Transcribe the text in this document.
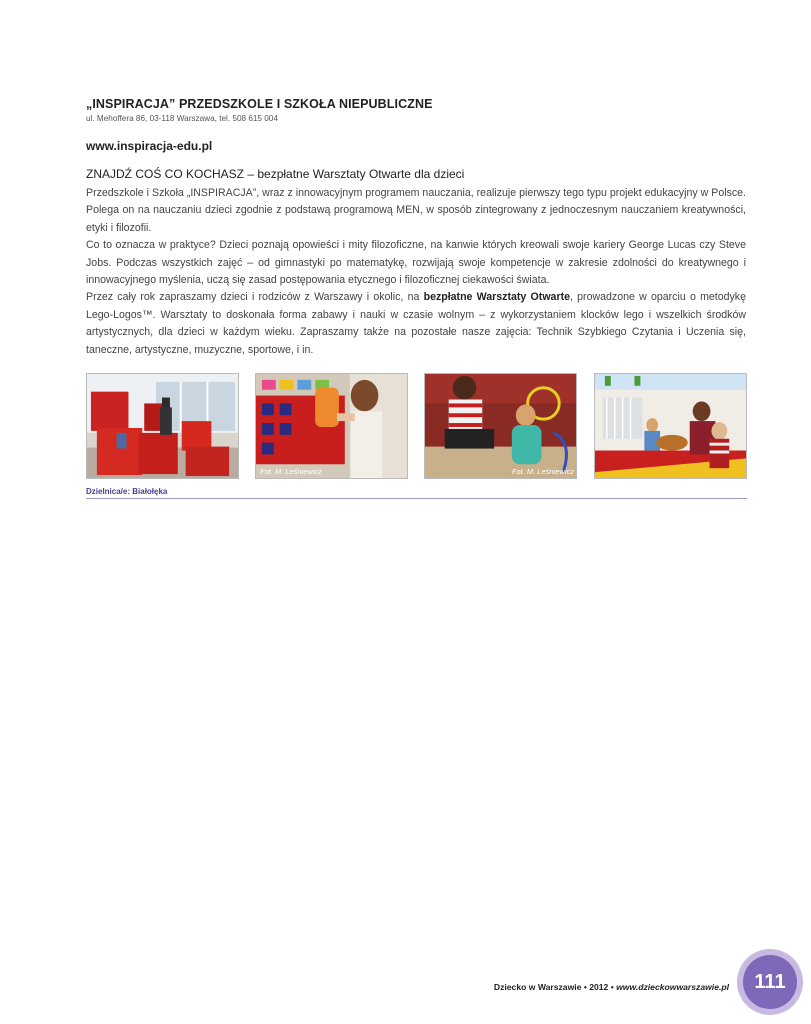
„INSPIRACJA” PRZEDSZKOLE I SZKOŁA NIEPUBLICZNE
ul. Mehoffera 86, 03-118 Warszawa, tel. 508 615 004
www.inspiracja-edu.pl
ZNAJDŹ COŚ CO KOCHASZ – bezpłatne Warsztaty Otwarte dla dzieci

Przedszkole i Szkoła „INSPIRACJA”, wraz z innowacyjnym programem nauczania, realizuje pierwszy tego typu projekt edukacyjny w Polsce. Polega on na nauczaniu dzieci zgodnie z podstawą programową MEN, w sposób zintegrowany z jednoczesnym nauczaniem kreatywności, etyki i filozofii.

Co to oznacza w praktyce? Dzieci poznają opowieści i mity filozoficzne, na kanwie których kreowali swoje kariery George Lucas czy Steve Jobs. Podczas wszystkich zajęć – od gimnastyki po matematykę, rozwijają swoje kompetencje w zakresie zdolności do kreatywnego i innowacyjnego myślenia, uczą się zasad postępowania etycznego i filozoficznej ciekawości świata.

Przez cały rok zapraszamy dzieci i rodziców z Warszawy i okolic, na bezpłatne Warsztaty Otwarte, prowadzone w oparciu o metodykę Lego-Logos™. Warsztaty to doskonała forma zabawy i nauki w czasie wolnym – z wykorzystaniem klocków lego i wszelkich środków artystycznych, dla dzieci w każdym wieku. Zapraszamy także na pozostałe nasze zajęcia: Technik Szybkiego Czytania i Uczenia się, taneczne, artystyczne, muzyczne, sportowe, i in.

Fot. M. Leśniewicz	Fot. M. Leśniewicz
Dzielnica/e: Białołęka
Dziecko w Warszawie • 2012 • www.dzieckowwarszawie.pl	111
